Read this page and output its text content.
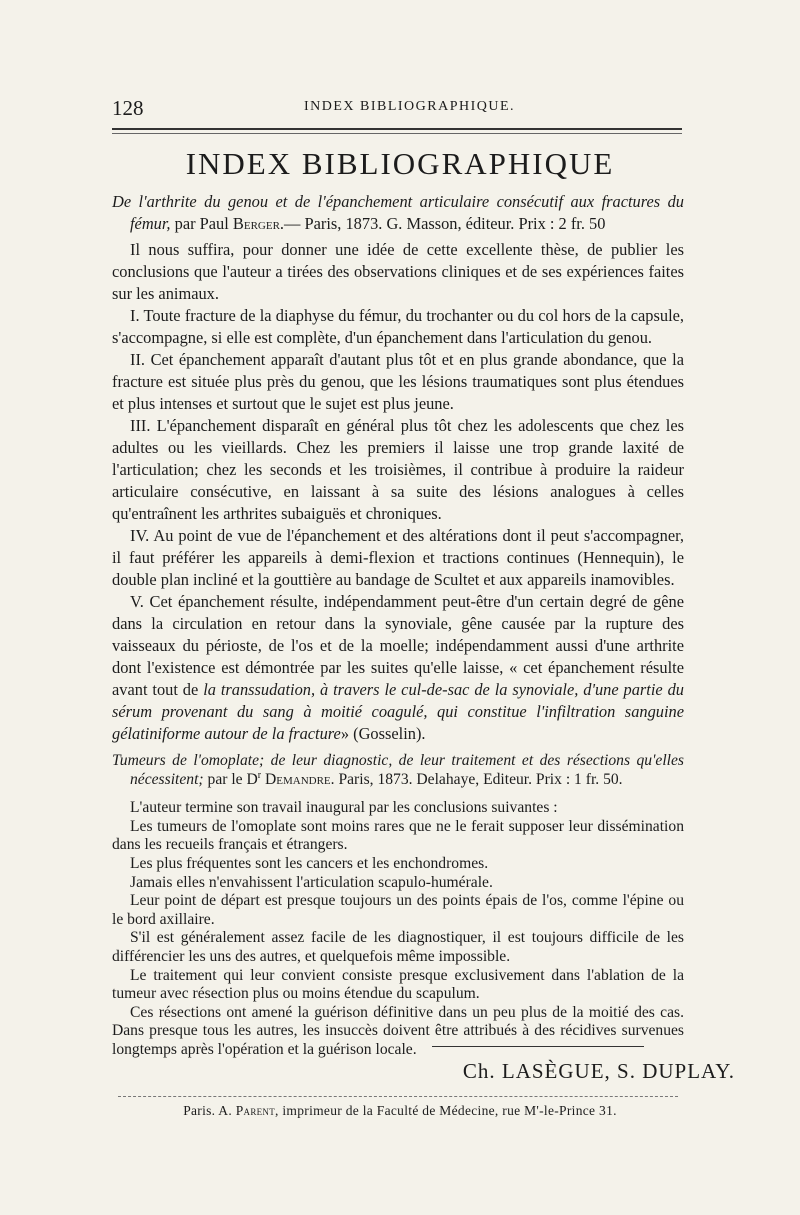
128	INDEX BIBLIOGRAPHIQUE.
INDEX BIBLIOGRAPHIQUE

De l'arthrite du genou et de l'épanchement articulaire consécutif aux fractures du fémur, par Paul Berger.— Paris, 1873. G. Masson, éditeur. Prix : 2 fr. 50

Il nous suffira, pour donner une idée de cette excellente thèse, de publier les conclusions que l'auteur a tirées des observations cliniques et de ses expériences faites sur les animaux.

I. Toute fracture de la diaphyse du fémur, du trochanter ou du col hors de la capsule, s'accompagne, si elle est complète, d'un épanchement dans l'articulation du genou.

II. Cet épanchement apparaît d'autant plus tôt et en plus grande abondance, que la fracture est située plus près du genou, que les lésions traumatiques sont plus étendues et plus intenses et surtout que le sujet est plus jeune.

III. L'épanchement disparaît en général plus tôt chez les adolescents que chez les adultes ou les vieillards. Chez les premiers il laisse une trop grande laxité de l'articulation; chez les seconds et les troisièmes, il contribue à produire la raideur articulaire consécutive, en laissant à sa suite des lésions analogues à celles qu'entraînent les arthrites subaiguës et chroniques.

IV. Au point de vue de l'épanchement et des altérations dont il peut s'accompagner, il faut préférer les appareils à demi-flexion et tractions continues (Hennequin), le double plan incliné et la gouttière au bandage de Scultet et aux appareils inamovibles.

V. Cet épanchement résulte, indépendamment peut-être d'un certain degré de gêne dans la circulation en retour dans la synoviale, gêne causée par la rupture des vaisseaux du périoste, de l'os et de la moelle; indépendamment aussi d'une arthrite dont l'existence est démontrée par les suites qu'elle laisse, « cet épanchement résulte avant tout de la transsudation, à travers le cul-de-sac de la synoviale, d'une partie du sérum provenant du sang à moitié coagulé, qui constitue l'infiltration sanguine gélatiniforme autour de la fracture» (Gosselin).

Tumeurs de l'omoplate; de leur diagnostic, de leur traitement et des résections qu'elles nécessitent; par le $D^r$ Demandre. Paris, 1873. Delahaye, Editeur. Prix : 1 fr. 50.

L'auteur termine son travail inaugural par les conclusions suivantes :

Les tumeurs de l'omoplate sont moins rares que ne le ferait supposer leur dissémination dans les recueils français et étrangers.

Les plus fréquentes sont les cancers et les enchondromes.

Jamais elles n'envahissent l'articulation scapulo-humérale.

Leur point de départ est presque toujours un des points épais de l'os, comme l'épine ou le bord axillaire.

S'il est généralement assez facile de les diagnostiquer, il est toujours difficile de les différencier les uns des autres, et quelquefois même impossible.

Le traitement qui leur convient consiste presque exclusivement dans l'ablation de la tumeur avec résection plus ou moins étendue du scapulum.

Ces résections ont amené la guérison définitive dans un peu plus de la moitié des cas. Dans presque tous les autres, les insuccès doivent être attribués à des récidives survenues longtemps après l'opération et la guérison locale.

Ch. LASÈGUE, S. DUPLAY.
Paris. A. Parent, imprimeur de la Faculté de Médecine, rue M'-le-Prince 31.
